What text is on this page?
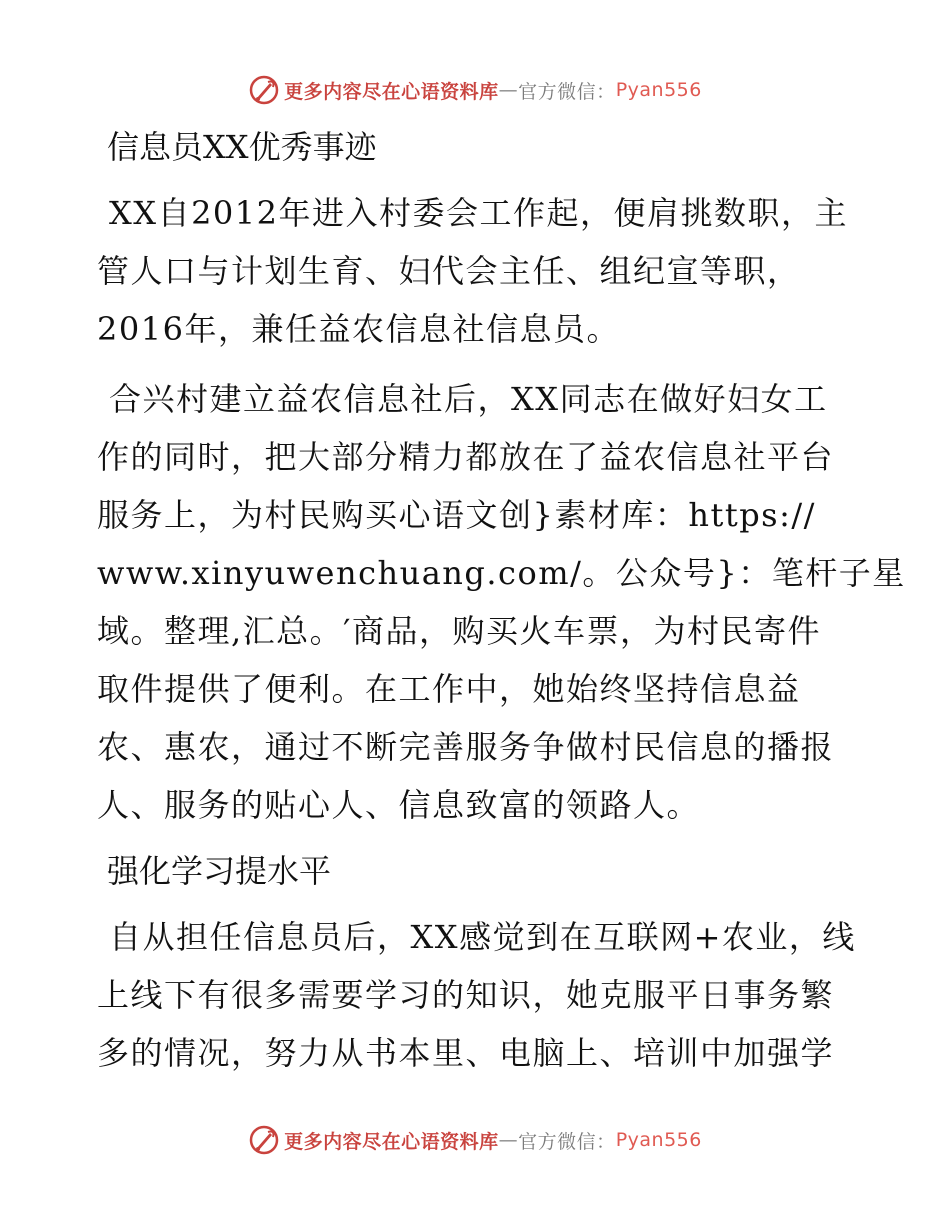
更多内容尽在心语资料库 — 官方微信： Pyan556
信息员XX优秀事迹
XX自2012年进入村委会工作起，便肩挑数职，主
管人口与计划生育、妇代会主任、组纪宣等职，
2016年，兼任益农信息社信息员。
合兴村建立益农信息社后，XX同志在做好妇女工
作的同时，把大部分精力都放在了益农信息社平台
服务上，为村民购买心语文创}素材库：https://
www.xinyuwenchuang.com/。公众号}：笔杆子星
域。整理,汇总。′商品，购买火车票，为村民寄件
取件提供了便利。在工作中，她始终坚持信息益
农、惠农，通过不断完善服务争做村民信息的播报
人、服务的贴心人、信息致富的领路人。
强化学习提水平
自从担任信息员后，XX感觉到在互联网+农业，线
上线下有很多需要学习的知识，她克服平日事务繁
多的情况，努力从书本里、电脑上、培训中加强学
更多内容尽在心语资料库 — 官方微信： Pyan556
